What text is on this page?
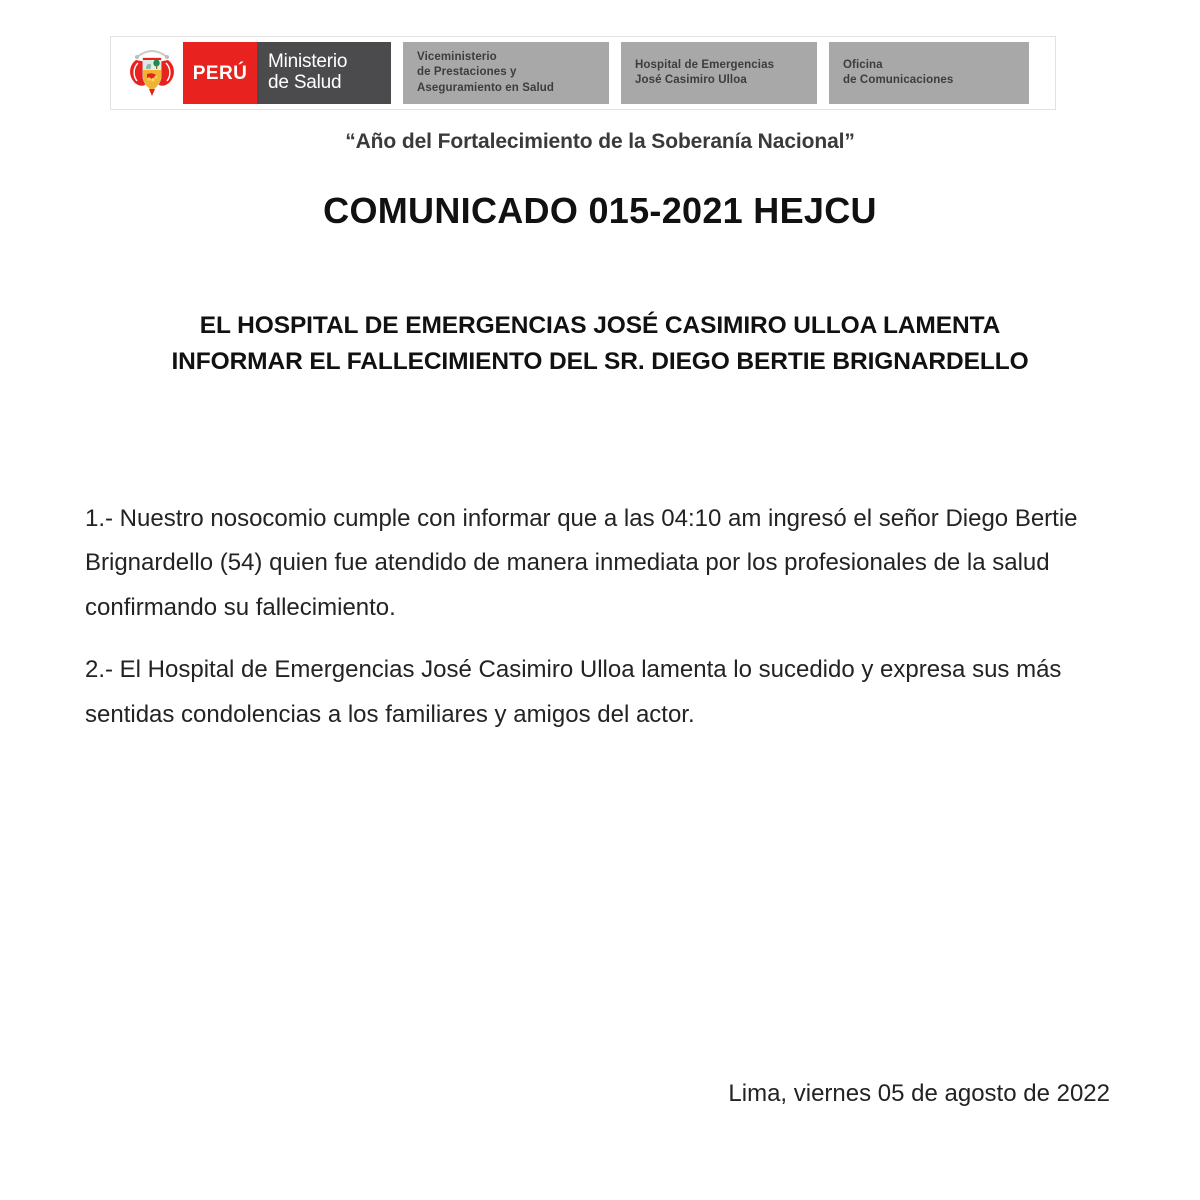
PERÚ
Ministerio
de Salud
Viceministerio
de Prestaciones y
Aseguramiento en Salud
Hospital de Emergencias
José Casimiro Ulloa
Oficina
de Comunicaciones
“Año del Fortalecimiento de la Soberanía Nacional”
COMUNICADO 015-2021 HEJCU
EL HOSPITAL DE EMERGENCIAS JOSÉ CASIMIRO ULLOA LAMENTA
INFORMAR EL FALLECIMIENTO DEL SR. DIEGO BERTIE BRIGNARDELLO

1.- Nuestro nosocomio cumple con informar que a las 04:10 am ingresó el señor Diego Bertie Brignardello (54) quien fue atendido de manera inmediata por los profesionales de la salud confirmando su fallecimiento.

2.- El Hospital de Emergencias José Casimiro Ulloa lamenta lo sucedido y expresa sus más sentidas condolencias a los familiares y amigos del actor.

Lima, viernes 05 de agosto de 2022
